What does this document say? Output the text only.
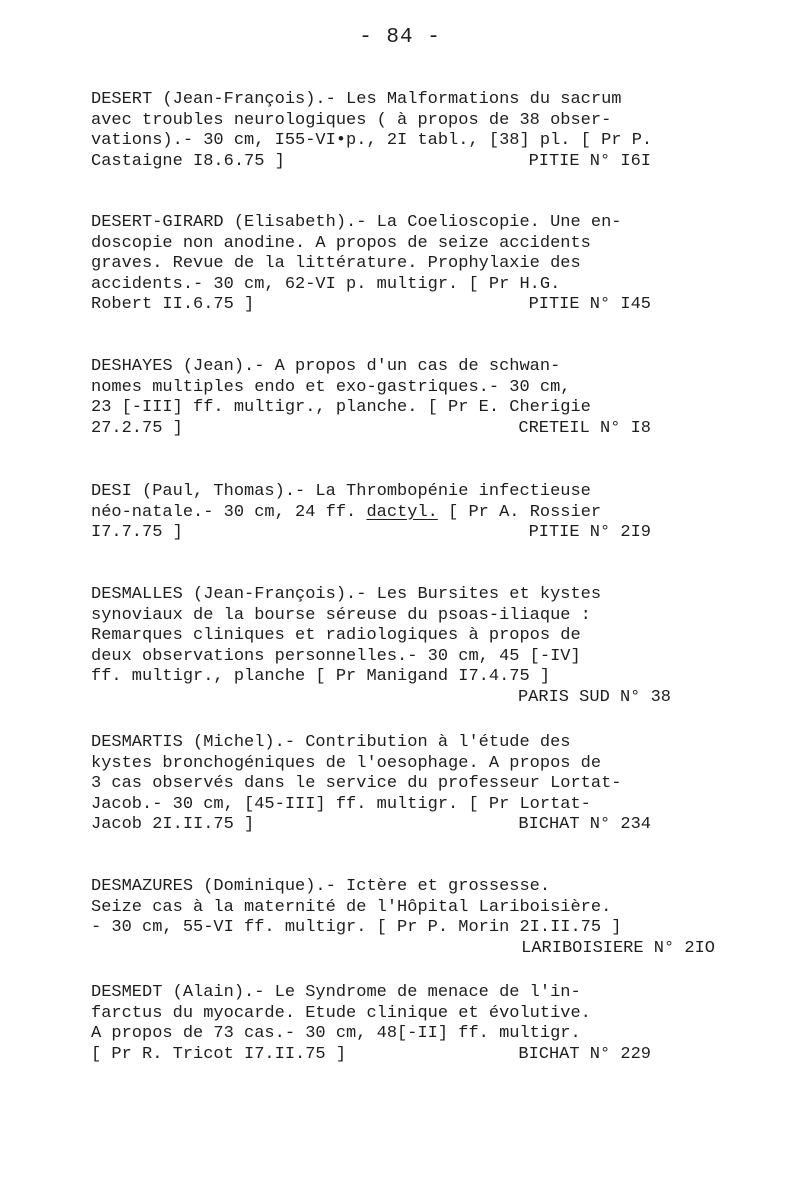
- 84 -
DESERT (Jean-François).- Les Malformations du sacrum
avec troubles neurologiques ( à propos de 38 obser-
vations).- 30 cm, I55-VI•p., 2I tabl., [38] pl. [ Pr P.
Castaigne I8.6.75 ]	PITIE N° I6I
DESERT-GIRARD (Elisabeth).- La Coelioscopie. Une en-
doscopie non anodine. A propos de seize accidents
graves. Revue de la littérature. Prophylaxie des
accidents.- 30 cm, 62-VI p. multigr. [ Pr H.G.
Robert II.6.75 ]	PITIE N° I45
DESHAYES (Jean).- A propos d'un cas de schwan-
nomes multiples endo et exo-gastriques.- 30 cm,
23 [-III] ff. multigr., planche. [ Pr E. Cherigie
27.2.75 ]	CRETEIL N° I8
DESI (Paul, Thomas).- La Thrombopénie infectieuse
néo-natale.- 30 cm, 24 ff. dactyl. [ Pr A. Rossier
I7.7.75 ]	PITIE N° 2I9
DESMALLES (Jean-François).- Les Bursites et kystes
synoviaux de la bourse séreuse du psoas-iliaque :
Remarques cliniques et radiologiques à propos de
deux observations personnelles.- 30 cm, 45 [-IV]
ff. multigr., planche [ Pr Manigand I7.4.75 ]
PARIS SUD N° 38
DESMARTIS (Michel).- Contribution à l'étude des
kystes bronchogéniques de l'oesophage. A propos de
3 cas observés dans le service du professeur Lortat-
Jacob.- 30 cm, [45-III] ff. multigr. [ Pr Lortat-
Jacob 2I.II.75 ]	BICHAT N° 234
DESMAZURES (Dominique).- Ictère et grossesse.
Seize cas à la maternité de l'Hôpital Lariboisière.
- 30 cm, 55-VI ff. multigr. [ Pr P. Morin 2I.II.75 ]
LARIBOISIERE N° 2IO
DESMEDT (Alain).- Le Syndrome de menace de l'in-
farctus du myocarde. Etude clinique et évolutive.
A propos de 73 cas.- 30 cm, 48[-II] ff. multigr.
[ Pr R. Tricot I7.II.75 ]	BICHAT N° 229
